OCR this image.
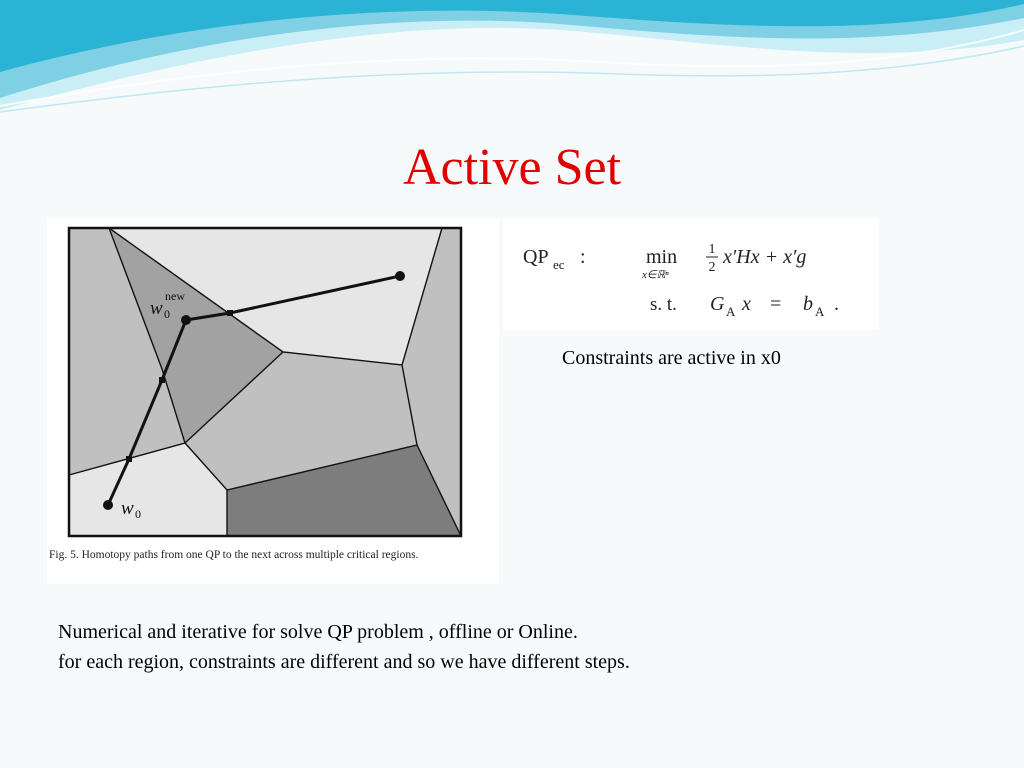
Active Set
w 0
new
w 0
Fig. 5. Homotopy paths from one QP to the next across multiple critical regions.
QP ec :	min
x∈ℝⁿ
1
2 x′Hx + x′g
s. t. G A x = b A .
Constraints are active in x0
Numerical and iterative for solve QP problem , offline or Online.
for each region, constraints are different and so we have different steps.
